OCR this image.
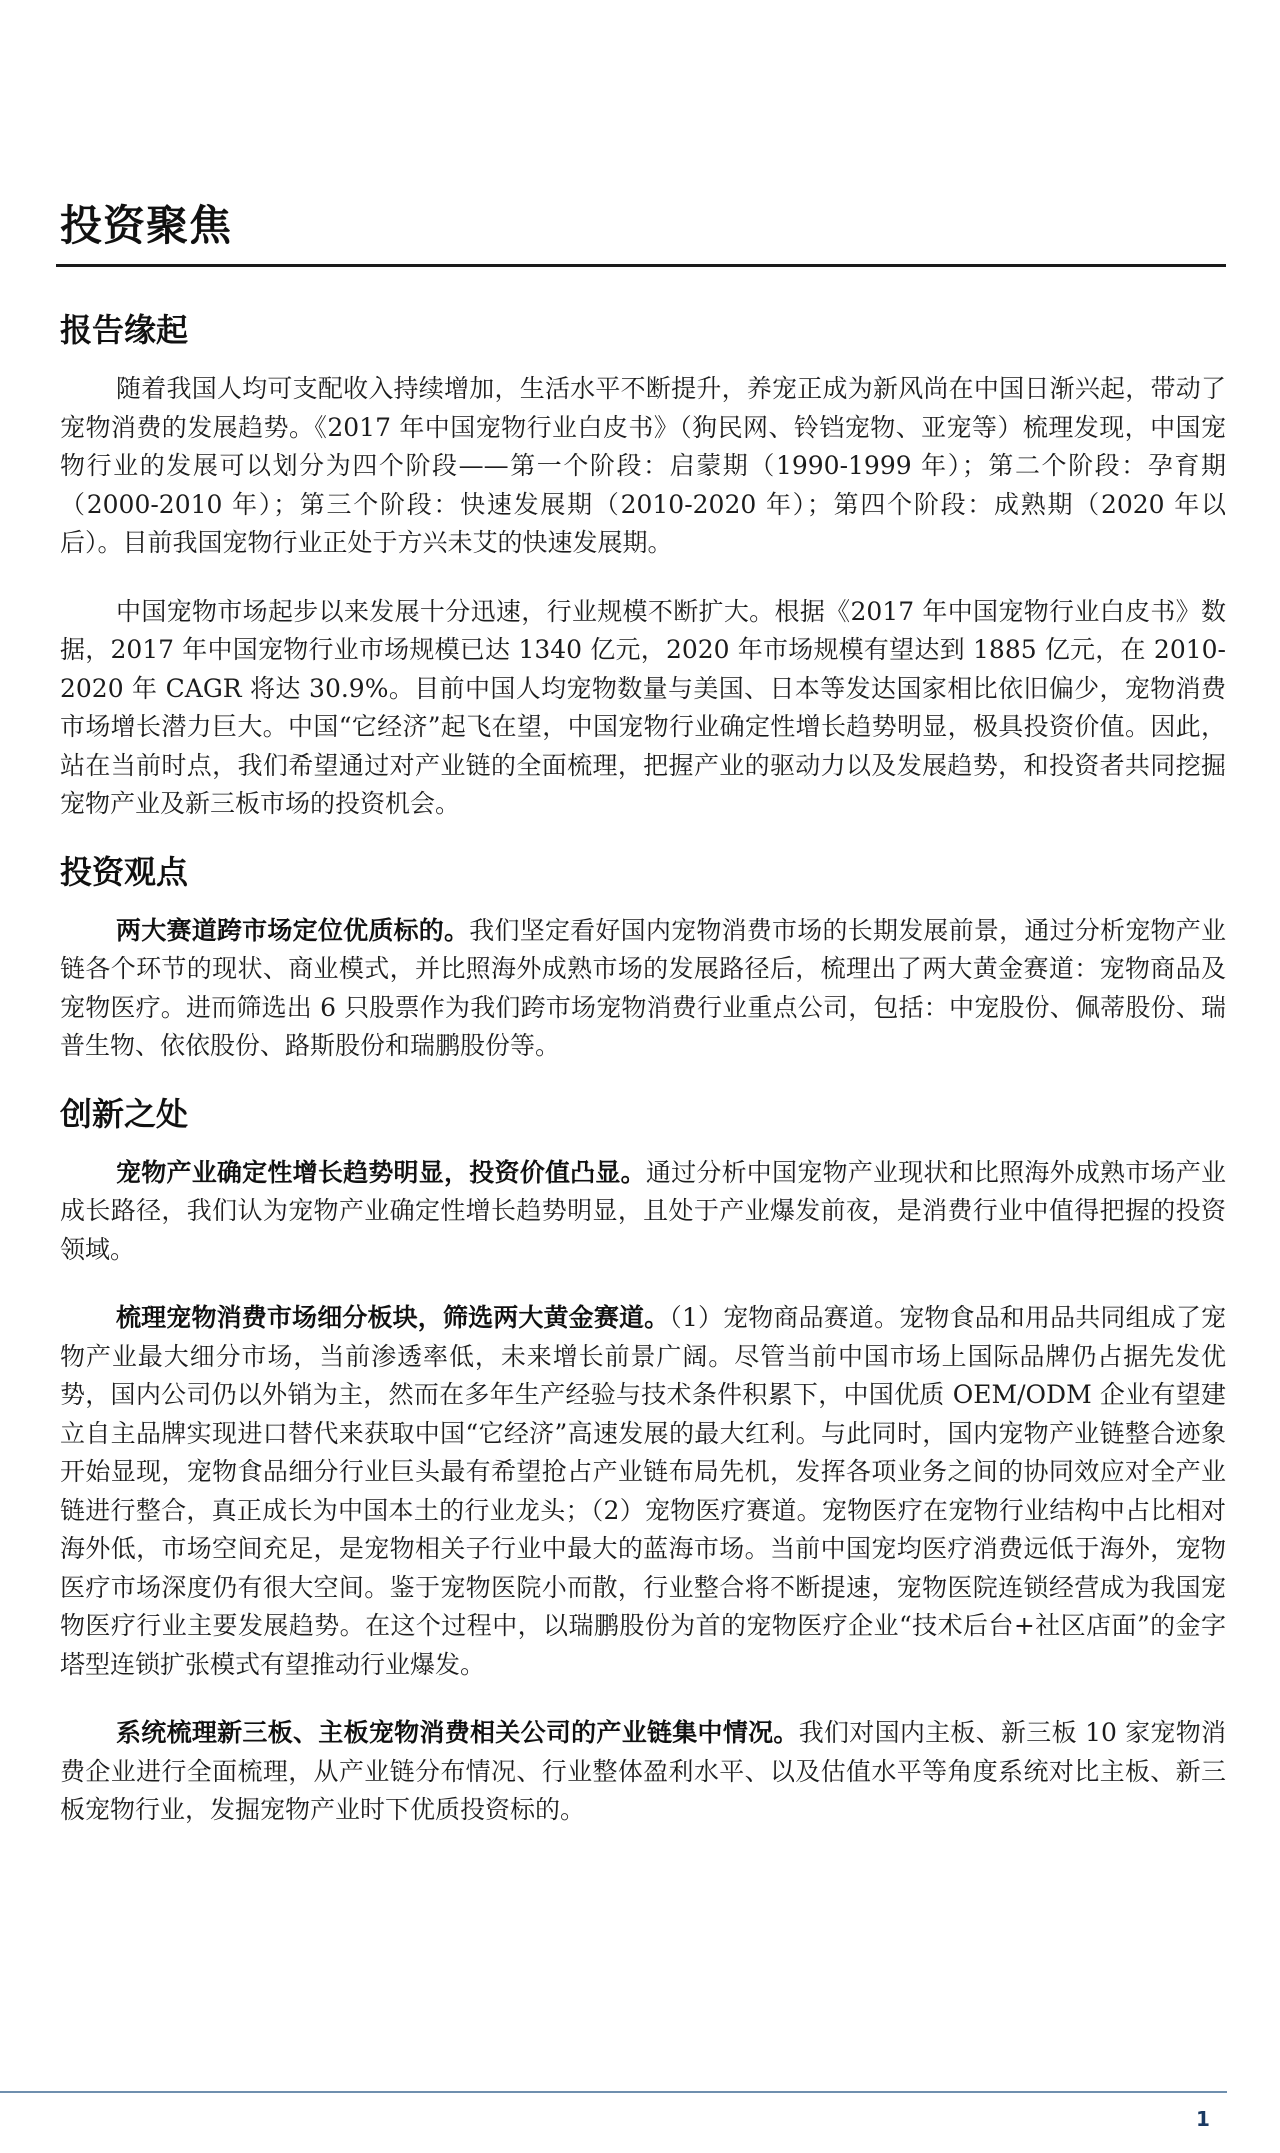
投资聚焦
报告缘起

随着我国人均可支配收入持续增加，生活水平不断提升，养宠正成为新风尚在中国日渐兴起，带动了宠物消费的发展趋势。《2017 年中国宠物行业白皮书》（狗民网、铃铛宠物、亚宠等）梳理发现，中国宠物行业的发展可以划分为四个阶段——第一个阶段：启蒙期（1990-1999 年）；第二个阶段：孕育期（2000-2010 年）；第三个阶段：快速发展期（2010-2020 年）；第四个阶段：成熟期（2020 年以后）。目前我国宠物行业正处于方兴未艾的快速发展期。

中国宠物市场起步以来发展十分迅速，行业规模不断扩大。根据《2017 年中国宠物行业白皮书》数据，2017 年中国宠物行业市场规模已达 1340 亿元，2020 年市场规模有望达到 1885 亿元，在 2010-2020 年 CAGR 将达 30.9%。目前中国人均宠物数量与美国、日本等发达国家相比依旧偏少，宠物消费市场增长潜力巨大。中国“它经济”起飞在望，中国宠物行业确定性增长趋势明显，极具投资价值。因此，站在当前时点，我们希望通过对产业链的全面梳理，把握产业的驱动力以及发展趋势，和投资者共同挖掘宠物产业及新三板市场的投资机会。

投资观点

两大赛道跨市场定位优质标的。我们坚定看好国内宠物消费市场的长期发展前景，通过分析宠物产业链各个环节的现状、商业模式，并比照海外成熟市场的发展路径后，梳理出了两大黄金赛道：宠物商品及宠物医疗。进而筛选出 6 只股票作为我们跨市场宠物消费行业重点公司，包括：中宠股份、佩蒂股份、瑞普生物、依依股份、路斯股份和瑞鹏股份等。

创新之处

宠物产业确定性增长趋势明显，投资价值凸显。通过分析中国宠物产业现状和比照海外成熟市场产业成长路径，我们认为宠物产业确定性增长趋势明显，且处于产业爆发前夜，是消费行业中值得把握的投资领域。

梳理宠物消费市场细分板块，筛选两大黄金赛道。（1）宠物商品赛道。宠物食品和用品共同组成了宠物产业最大细分市场，当前渗透率低，未来增长前景广阔。尽管当前中国市场上国际品牌仍占据先发优势，国内公司仍以外销为主，然而在多年生产经验与技术条件积累下，中国优质 OEM/ODM 企业有望建立自主品牌实现进口替代来获取中国“它经济”高速发展的最大红利。与此同时，国内宠物产业链整合迹象开始显现，宠物食品细分行业巨头最有希望抢占产业链布局先机，发挥各项业务之间的协同效应对全产业链进行整合，真正成长为中国本土的行业龙头；（2）宠物医疗赛道。宠物医疗在宠物行业结构中占比相对海外低，市场空间充足，是宠物相关子行业中最大的蓝海市场。当前中国宠均医疗消费远低于海外，宠物医疗市场深度仍有很大空间。鉴于宠物医院小而散，行业整合将不断提速，宠物医院连锁经营成为我国宠物医疗行业主要发展趋势。在这个过程中，以瑞鹏股份为首的宠物医疗企业“技术后台+社区店面”的金字塔型连锁扩张模式有望推动行业爆发。

系统梳理新三板、主板宠物消费相关公司的产业链集中情况。我们对国内主板、新三板 10 家宠物消费企业进行全面梳理，从产业链分布情况、行业整体盈利水平、以及估值水平等角度系统对比主板、新三板宠物行业，发掘宠物产业时下优质投资标的。

1
